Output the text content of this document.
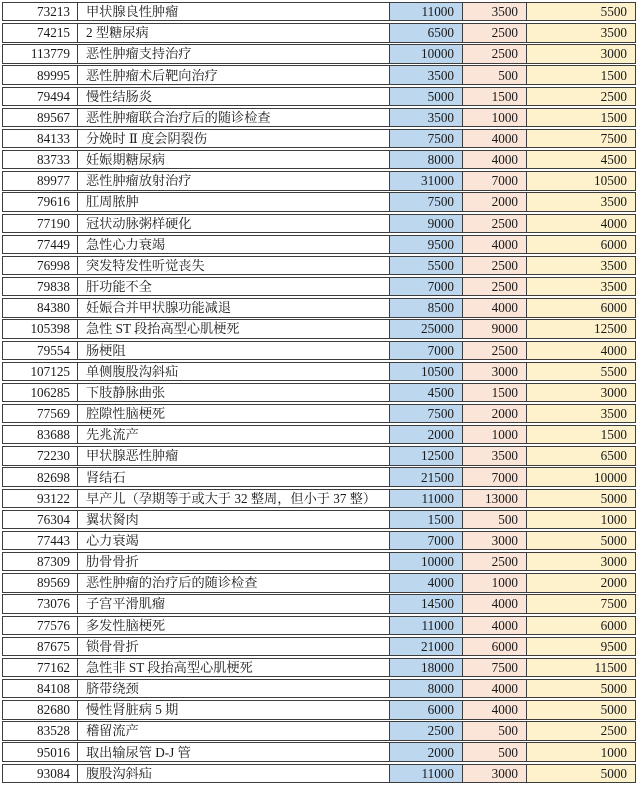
73213	甲状腺良性肿瘤	11000	3500	5500
74215	2 型糖尿病	6500	2500	3500
113779	恶性肿瘤支持治疗	10000	2500	3000
89995	恶性肿瘤术后靶向治疗	3500	500	1500
79494	慢性结肠炎	5000	1500	2500
89567	恶性肿瘤联合治疗后的随诊检查	3500	1000	1500
84133	分娩时 Ⅱ 度会阴裂伤	7500	4000	7500
83733	妊娠期糖尿病	8000	4000	4500
89977	恶性肿瘤放射治疗	31000	7000	10500
79616	肛周脓肿	7500	2000	3500
77190	冠状动脉粥样硬化	9000	2500	4000
77449	急性心力衰竭	9500	4000	6000
76998	突发特发性听觉丧失	5500	2500	3500
79838	肝功能不全	7000	2500	3500
84380	妊娠合并甲状腺功能减退	8500	4000	6000
105398	急性 ST 段抬高型心肌梗死	25000	9000	12500
79554	肠梗阻	7000	2500	4000
107125	单侧腹股沟斜疝	10500	3000	5500
106285	下肢静脉曲张	4500	1500	3000
77569	腔隙性脑梗死	7500	2000	3500
83688	先兆流产	2000	1000	1500
72230	甲状腺恶性肿瘤	12500	3500	6500
82698	肾结石	21500	7000	10000
93122	早产儿（孕期等于或大于 32 整周，但小于 37 整）	11000	13000	5000
76304	翼状胬肉	1500	500	1000
77443	心力衰竭	7000	3000	5000
87309	肋骨骨折	10000	2500	3000
89569	恶性肿瘤的治疗后的随诊检查	4000	1000	2000
73076	子宫平滑肌瘤	14500	4000	7500
77576	多发性脑梗死	11000	4000	6000
87675	锁骨骨折	21000	6000	9500
77162	急性非 ST 段抬高型心肌梗死	18000	7500	11500
84108	脐带绕颈	8000	4000	5000
82680	慢性肾脏病 5 期	6000	4000	5000
83528	稽留流产	2500	500	2500
95016	取出输尿管 D-J 管	2000	500	1000
93084	腹股沟斜疝	11000	3000	5000
